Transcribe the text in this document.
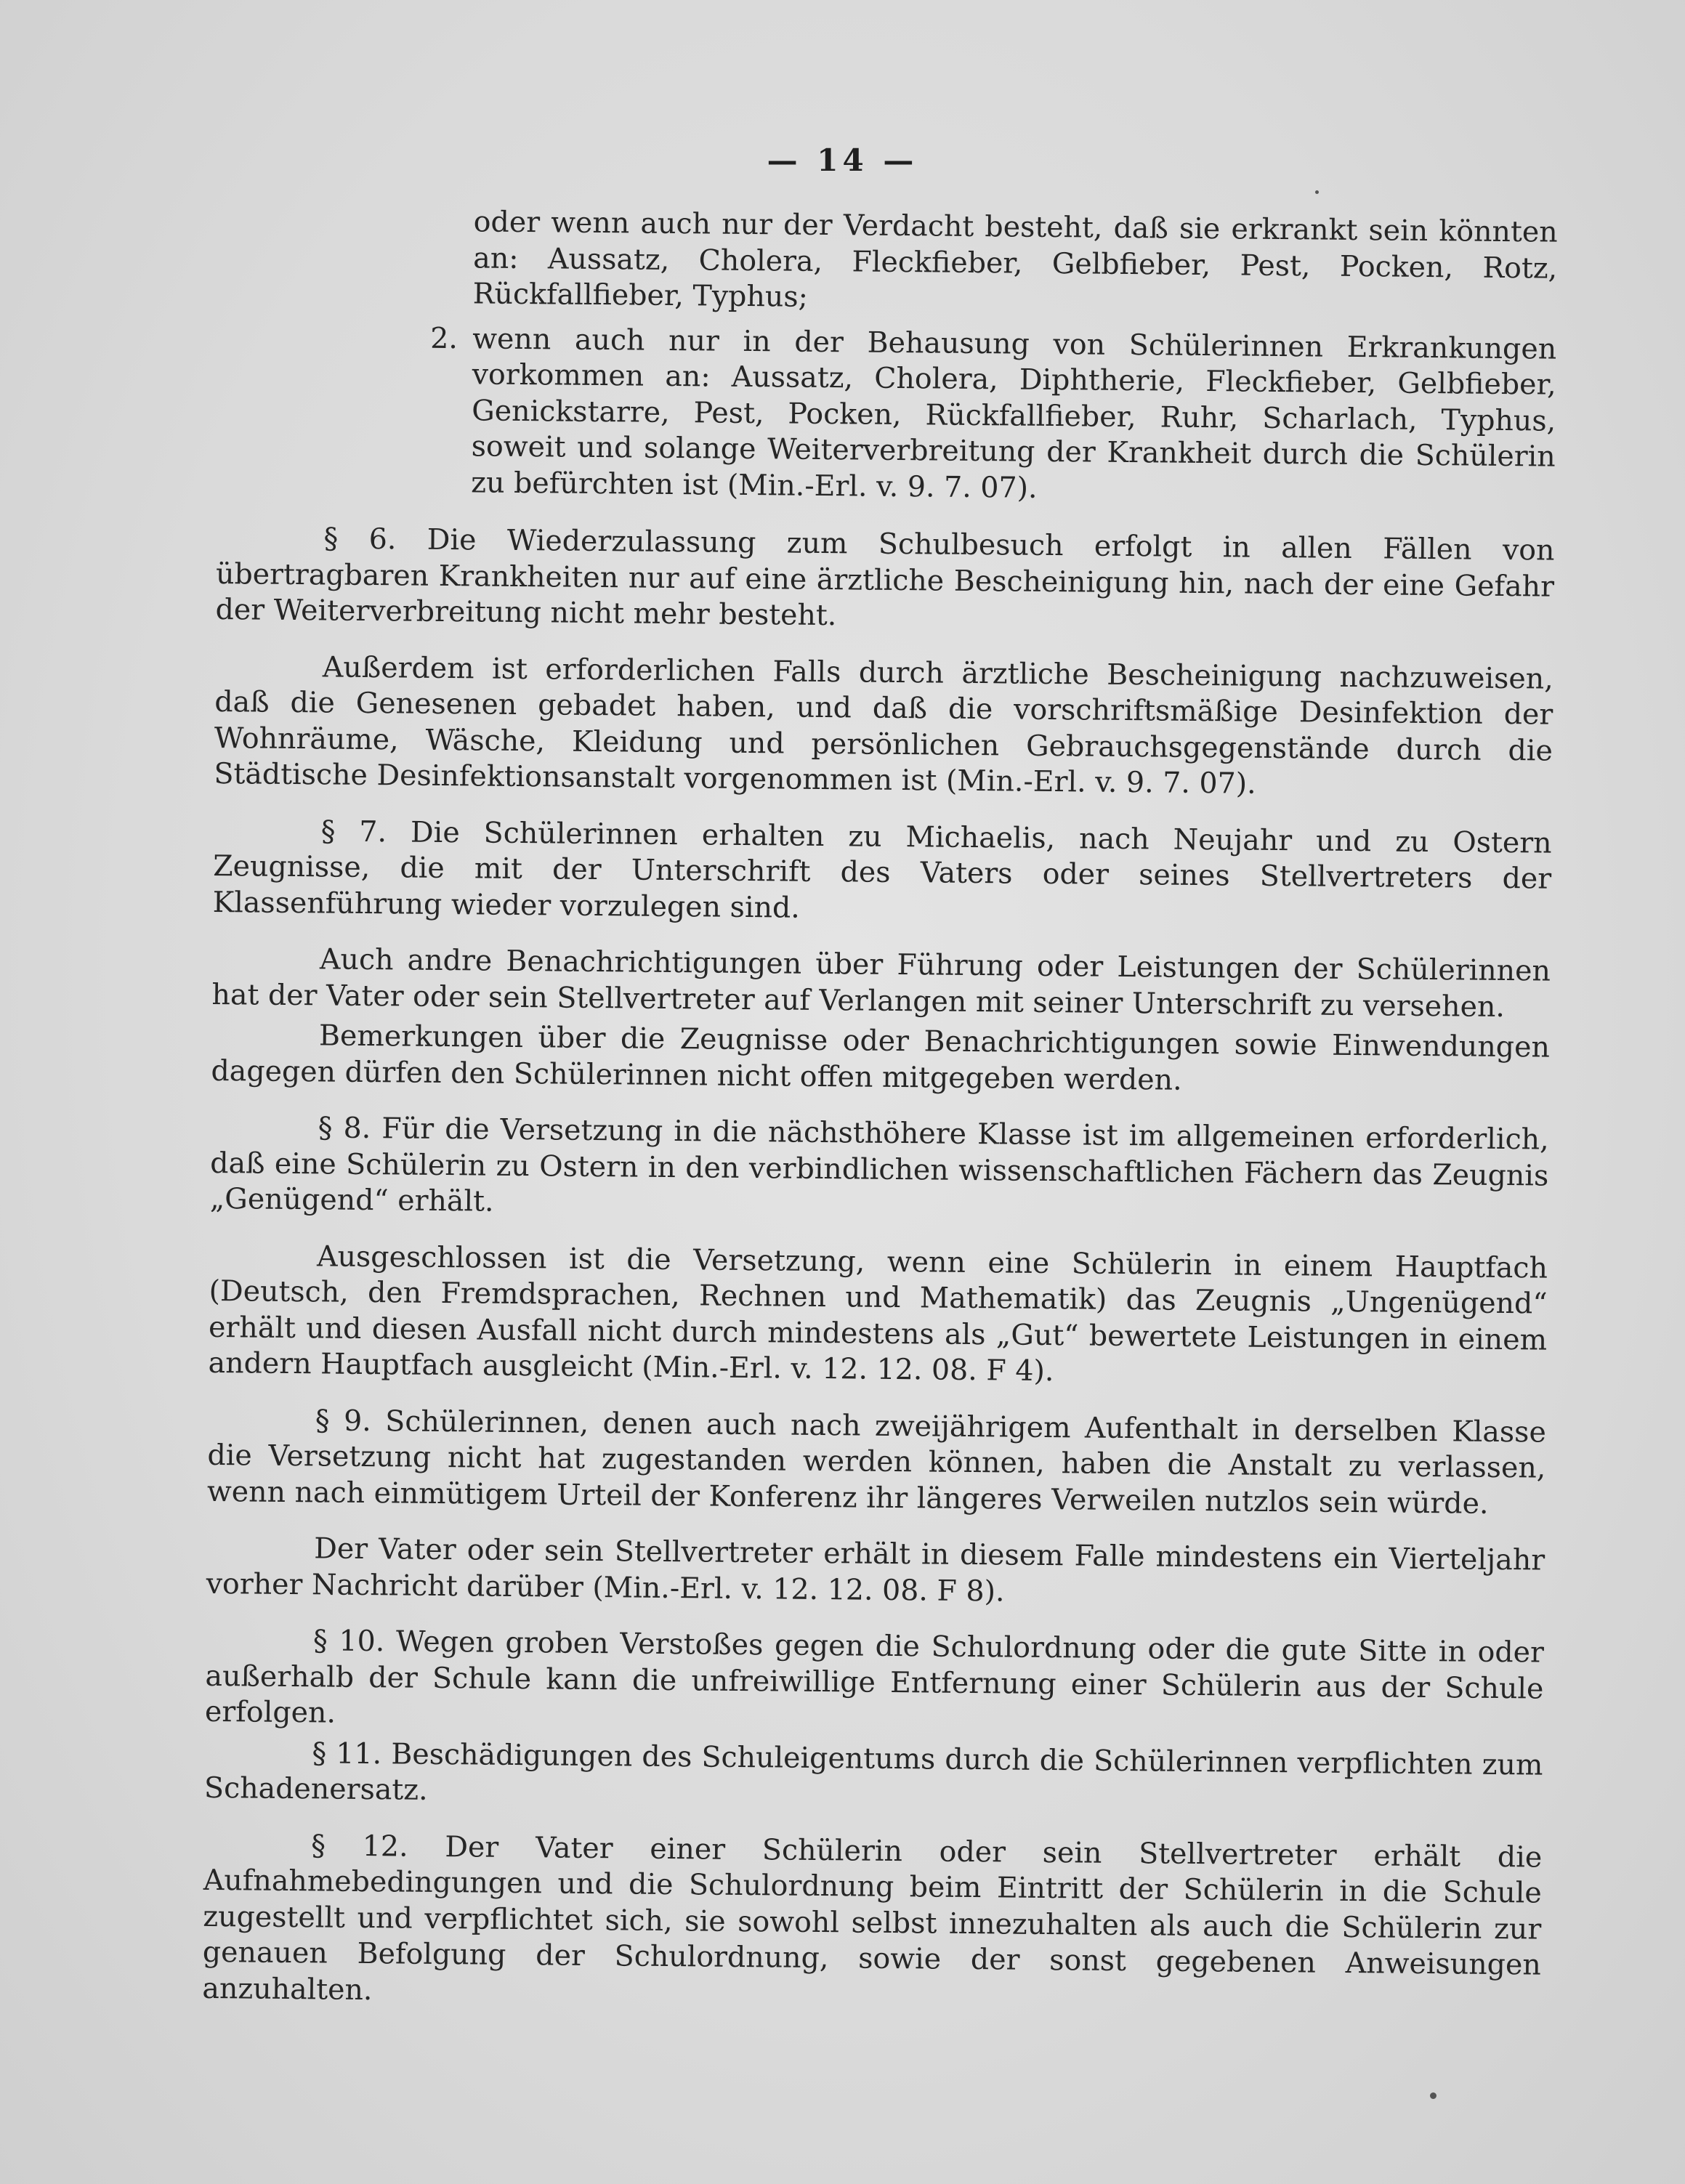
— 14 —

oder wenn auch nur der Verdacht besteht, daß sie erkrankt sein könnten an: Aussatz, Cholera, Fleckfieber, Gelbfieber, Pest, Pocken, Rotz, Rückfallfieber, Typhus;

2. wenn auch nur in der Behausung von Schülerinnen Erkrankungen vorkommen an: Aussatz, Cholera, Diphtherie, Fleckfieber, Gelbfieber, Genickstarre, Pest, Pocken, Rückfallfieber, Ruhr, Scharlach, Typhus, soweit und solange Weiterverbreitung der Krankheit durch die Schülerin zu befürchten ist (Min.-Erl. v. 9. 7. 07).

§ 6. Die Wiederzulassung zum Schulbesuch erfolgt in allen Fällen von übertragbaren Krankheiten nur auf eine ärztliche Bescheinigung hin, nach der eine Gefahr der Weiterverbreitung nicht mehr besteht.

Außerdem ist erforderlichen Falls durch ärztliche Bescheinigung nachzuweisen, daß die Genesenen gebadet haben, und daß die vorschriftsmäßige Desinfektion der Wohnräume, Wäsche, Kleidung und persönlichen Gebrauchsgegenstände durch die Städtische Desinfektionsanstalt vorgenommen ist (Min.-Erl. v. 9. 7. 07).

§ 7. Die Schülerinnen erhalten zu Michaelis, nach Neujahr und zu Ostern Zeugnisse, die mit der Unterschrift des Vaters oder seines Stellvertreters der Klassenführung wieder vorzulegen sind.

Auch andre Benachrichtigungen über Führung oder Leistungen der Schülerinnen hat der Vater oder sein Stellvertreter auf Verlangen mit seiner Unterschrift zu versehen.

Bemerkungen über die Zeugnisse oder Benachrichtigungen sowie Einwendungen dagegen dürfen den Schülerinnen nicht offen mitgegeben werden.

§ 8. Für die Versetzung in die nächsthöhere Klasse ist im allgemeinen erforderlich, daß eine Schülerin zu Ostern in den verbindlichen wissenschaftlichen Fächern das Zeugnis „Genügend“ erhält.

Ausgeschlossen ist die Versetzung, wenn eine Schülerin in einem Hauptfach (Deutsch, den Fremdsprachen, Rechnen und Mathematik) das Zeugnis „Ungenügend“ erhält und diesen Ausfall nicht durch mindestens als „Gut“ bewertete Leistungen in einem andern Hauptfach ausgleicht (Min.-Erl. v. 12. 12. 08. F 4).

§ 9. Schülerinnen, denen auch nach zweijährigem Aufenthalt in derselben Klasse die Versetzung nicht hat zugestanden werden können, haben die Anstalt zu verlassen, wenn nach einmütigem Urteil der Konferenz ihr längeres Verweilen nutzlos sein würde.

Der Vater oder sein Stellvertreter erhält in diesem Falle mindestens ein Vierteljahr vorher Nachricht darüber (Min.-Erl. v. 12. 12. 08. F 8).

§ 10. Wegen groben Verstoßes gegen die Schulordnung oder die gute Sitte in oder außerhalb der Schule kann die unfreiwillige Entfernung einer Schülerin aus der Schule erfolgen.

§ 11. Beschädigungen des Schuleigentums durch die Schülerinnen verpflichten zum Schadenersatz.

§ 12. Der Vater einer Schülerin oder sein Stellvertreter erhält die Aufnahmebedingungen und die Schulordnung beim Eintritt der Schülerin in die Schule zugestellt und verpflichtet sich, sie sowohl selbst innezuhalten als auch die Schülerin zur genauen Befolgung der Schulordnung, sowie der sonst gegebenen Anweisungen anzuhalten.
